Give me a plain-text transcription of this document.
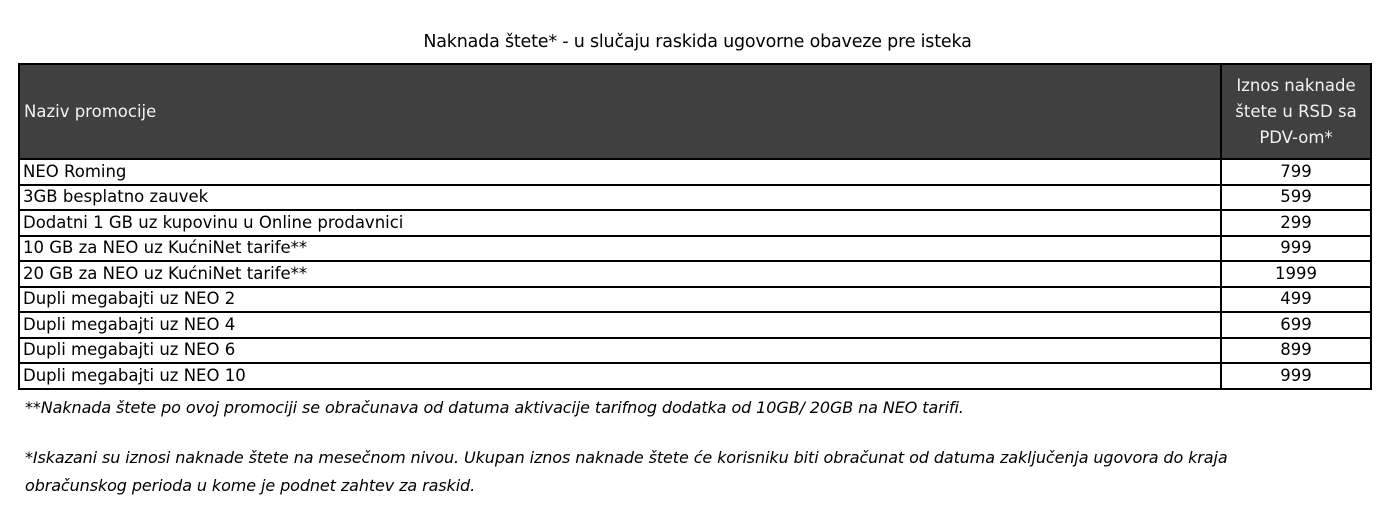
Naknada štete* - u slučaju raskida ugovorne obaveze pre isteka
Naziv promocije	Iznos naknade štete u RSD sa PDV-om*
NEO Roming	799
3GB besplatno zauvek	599
Dodatni 1 GB uz kupovinu u Online prodavnici	299
10 GB za NEO uz KućniNet tarife**	999
20 GB za NEO uz KućniNet tarife**	1999
Dupli megabajti uz NEO 2	499
Dupli megabajti uz NEO 4	699
Dupli megabajti uz NEO 6	899
Dupli megabajti uz NEO 10	999
**Naknada štete po ovoj promociji se obračunava od datuma aktivacije tarifnog dodatka od 10GB/ 20GB na NEO tarifi.
*Iskazani su iznosi naknade štete na mesečnom nivou. Ukupan iznos naknade štete će korisniku biti obračunat od datuma zaključenja ugovora do kraja obračunskog perioda u kome je podnet zahtev za raskid.
